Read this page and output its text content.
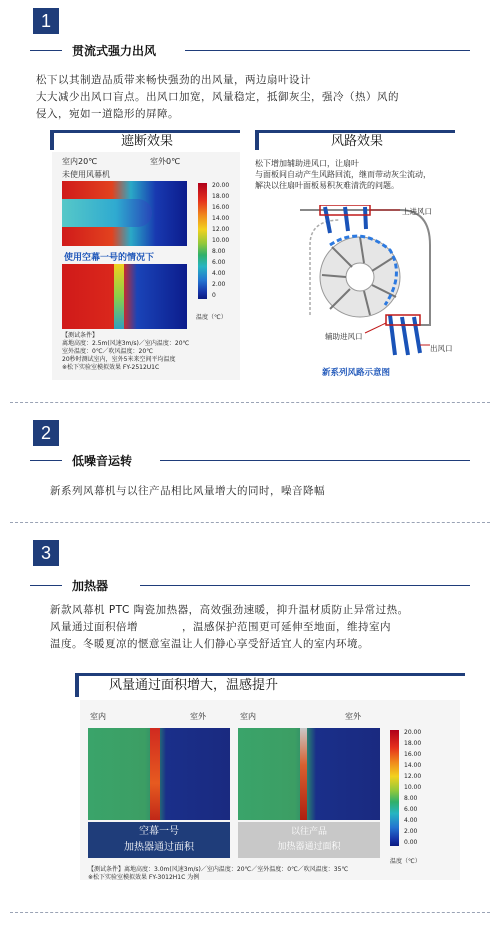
1
贯流式强力出风
松下以其制造品质带来畅快强劲的出风量，两边扇叶设计
大大减少出风口盲点。出风口加宽，风量稳定，抵御灰尘，强冷（热）风的
侵入，宛如一道隐形的屏障。
遮断效果
室内20℃	室外0℃
未使用风幕机
使用空幕一号的情况下
20.00
18.00
16.00
14.00
12.00
10.00
8.00
6.00
4.00
2.00
0
温度（℃）
【测试条件】
离地高度：2.5m(风速3m/s)／室内温度：20℃
室外温度：0℃／吹风温度：20℃
20秒时测试室内，室外5米来空间平均温度
※松下实验室模拟效果 FY-2512U1C
风路效果
松下增加辅助进风口，让扇叶
与面板间自动产生风路回流，继而带动灰尘流动，
解决以往扇叶面板易积灰难清洗的问题。
上进风口
辅助进风口
出风口
新系列风路示意图
2
低噪音运转
新系列风幕机与以往产品相比风量增大的同时，噪音降幅
3
加热器
新款风幕机 PTC 陶瓷加热器，高效强劲速暖，抑升温材质防止异常过热。
风量通过面积倍增　　　　，温感保护范围更可延伸至地面，维持室内
温度。冬暖夏凉的惬意室温让人们静心享受舒适宜人的室内环境。
风量通过面积增大，温感提升
室内	室外	室内	室外
空幕一号
加热器通过面积
以往产品
加热器通过面积
20.00
18.00
16.00
14.00
12.00
10.00
8.00
6.00
4.00
2.00
0.00
温度（℃）
【测试条件】离地高度：3.0m(风速3m/s)／室内温度：20℃／室外温度：0℃／吹风温度：35℃
※松下实验室模拟效果 FY-3012H1C 为例
